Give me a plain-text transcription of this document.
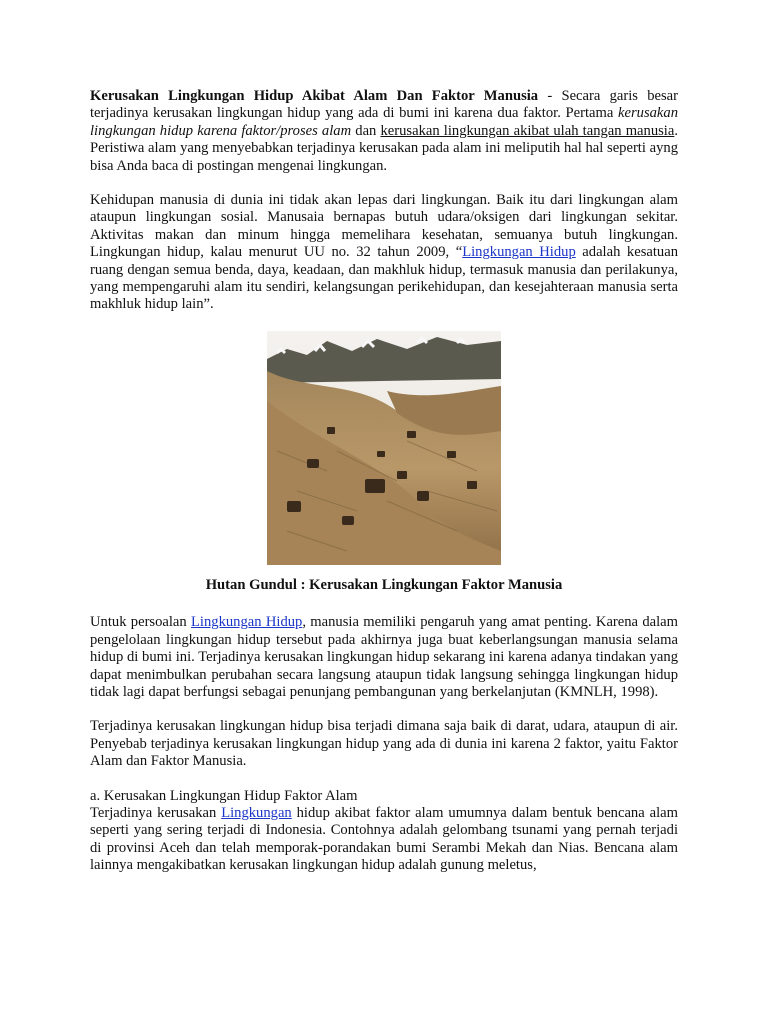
Kerusakan Lingkungan Hidup Akibat Alam Dan Faktor Manusia - Secara garis besar terjadinya kerusakan lingkungan hidup yang ada di bumi ini karena dua faktor. Pertama kerusakan lingkungan hidup karena faktor/proses alam dan kerusakan lingkungan akibat ulah tangan manusia. Peristiwa alam yang menyebabkan terjadinya kerusakan pada alam ini meliputih hal hal seperti ayng bisa Anda baca di postingan mengenai lingkungan.

Kehidupan manusia di dunia ini tidak akan lepas dari lingkungan. Baik itu dari lingkungan alam ataupun lingkungan sosial. Manusaia bernapas butuh udara/oksigen dari lingkungan sekitar. Aktivitas makan dan minum hingga memelihara kesehatan, semuanya butuh lingkungan. Lingkungan hidup, kalau menurut UU no. 32 tahun 2009, “Lingkungan Hidup adalah kesatuan ruang dengan semua benda, daya, keadaan, dan makhluk hidup, termasuk manusia dan perilakunya, yang mempengaruhi alam itu sendiri, kelangsungan perikehidupan, dan kesejahteraan manusia serta makhluk hidup lain”.

Hutan Gundul : Kerusakan Lingkungan Faktor Manusia

Untuk persoalan Lingkungan Hidup, manusia memiliki pengaruh yang amat penting. Karena dalam pengelolaan lingkungan hidup tersebut pada akhirnya juga buat keberlangsungan manusia selama hidup di bumi ini. Terjadinya kerusakan lingkungan hidup sekarang ini karena adanya tindakan yang dapat menimbulkan perubahan secara langsung ataupun tidak langsung sehingga lingkungan hidup tidak lagi dapat berfungsi sebagai penunjang pembangunan yang berkelanjutan (KMNLH, 1998).

Terjadinya kerusakan lingkungan hidup bisa terjadi dimana saja baik di darat, udara, ataupun di air. Penyebab terjadinya kerusakan lingkungan hidup yang ada di dunia ini karena 2 faktor, yaitu Faktor Alam dan Faktor Manusia.

a. Kerusakan Lingkungan Hidup Faktor Alam

Terjadinya kerusakan Lingkungan hidup akibat faktor alam umumnya dalam bentuk bencana alam seperti yang sering terjadi di Indonesia. Contohnya adalah gelombang tsunami yang pernah terjadi di provinsi Aceh dan telah memporak-porandakan bumi Serambi Mekah dan Nias. Bencana alam lainnya mengakibatkan kerusakan lingkungan hidup adalah gunung meletus,
